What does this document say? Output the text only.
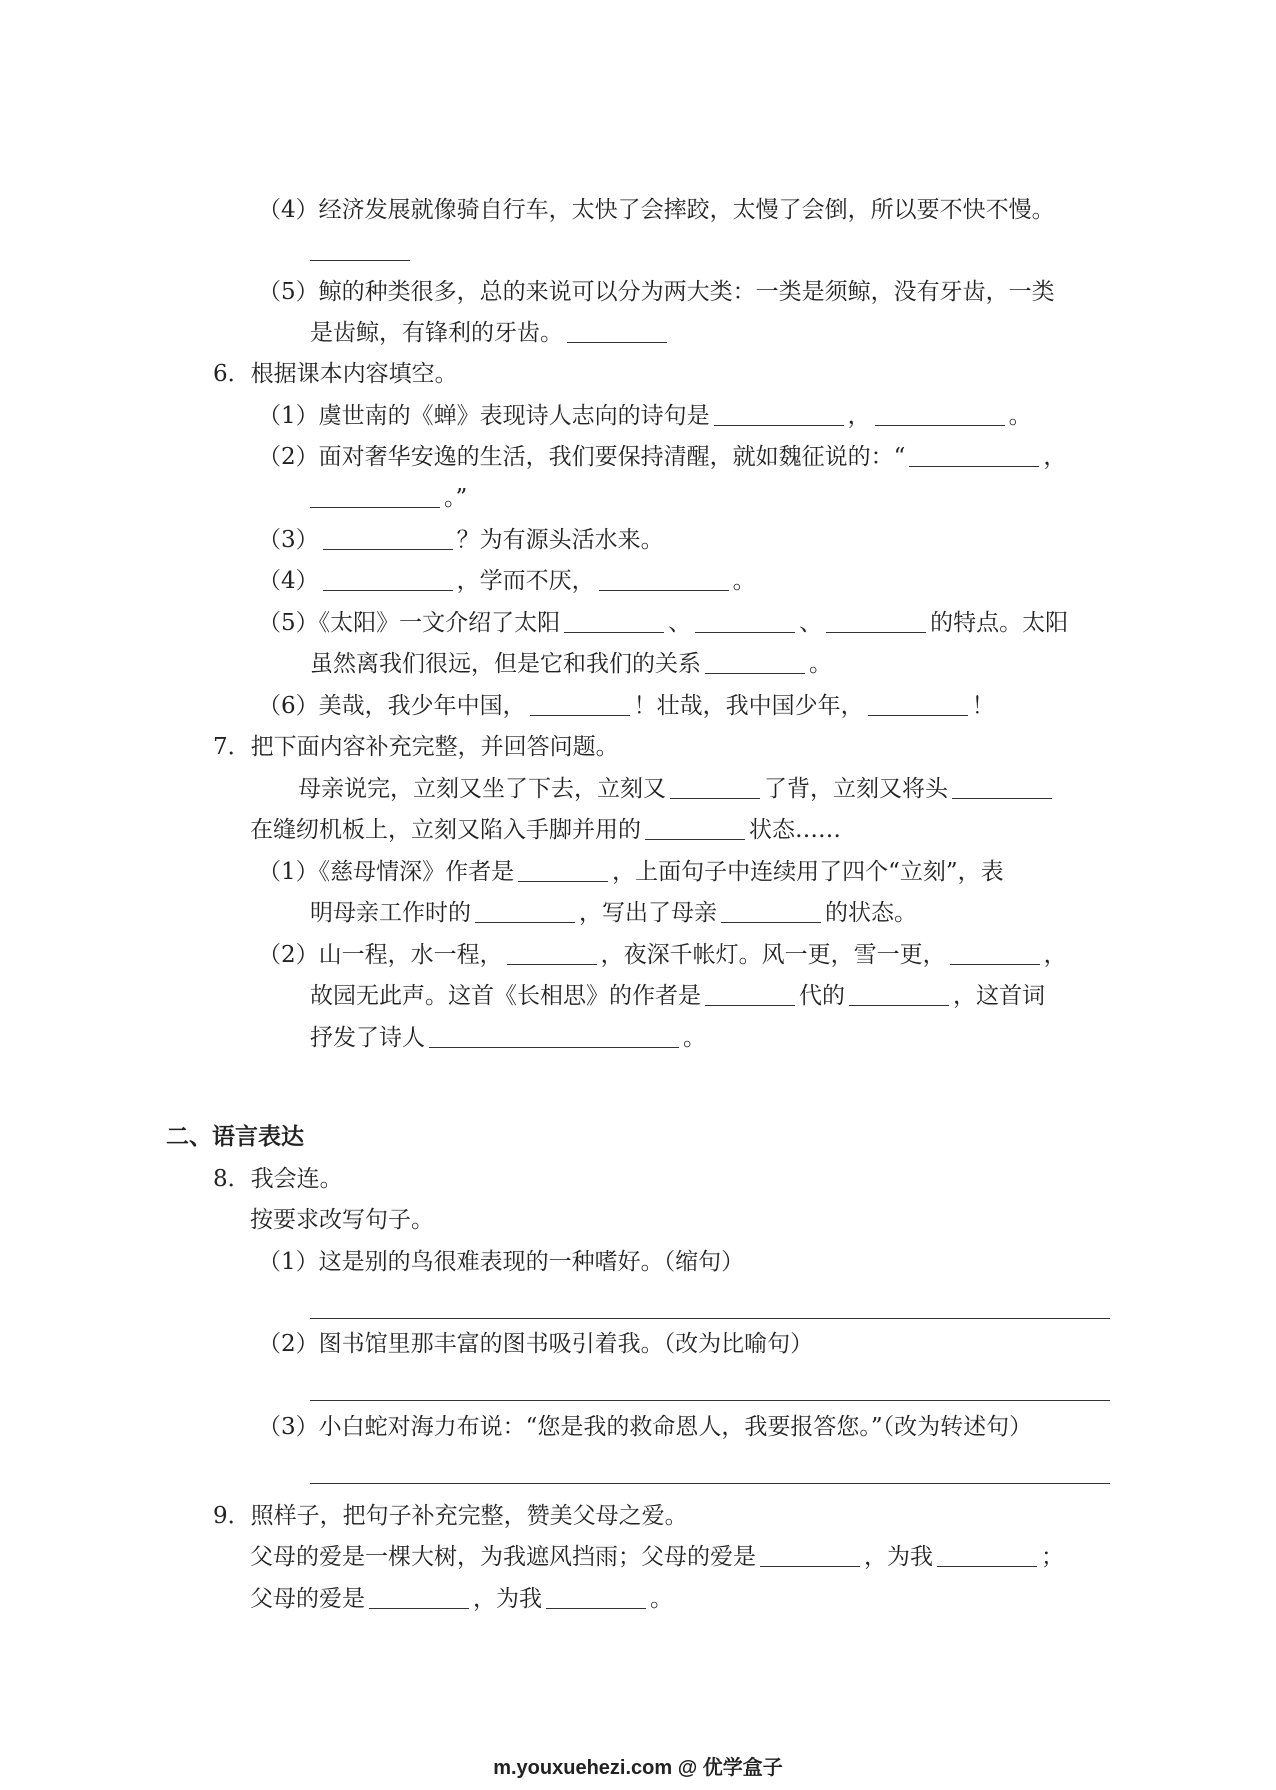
（4）经济发展就像骑自行车，太快了会摔跤，太慢了会倒，所以要不快不慢。
（5）鲸的种类很多，总的来说可以分为两大类：一类是须鲸，没有牙齿，一类
是齿鲸，有锋利的牙齿。
6．根据课本内容填空。
（1）虞世南的《蝉》表现诗人志向的诗句是	，	。
（2）面对奢华安逸的生活，我们要保持清醒，就如魏征说的：“	，
。”
（3）	？为有源头活水来。
（4）	，学而不厌，	。
（5）《太阳》一文介绍了太阳	、	、	的特点。太阳
虽然离我们很远，但是它和我们的关系	。
（6）美哉，我少年中国，	！壮哉，我中国少年，	！
7．把下面内容补充完整，并回答问题。
母亲说完，立刻又坐了下去，立刻又	了背，立刻又将头
在缝纫机板上，立刻又陷入手脚并用的	状态……
（1）《慈母情深》作者是	，上面句子中连续用了四个“立刻”，表
明母亲工作时的	，写出了母亲	的状态。
（2）山一程，水一程，	，夜深千帐灯。风一更，雪一更，	，
故园无此声。这首《长相思》的作者是	代的	，这首词
抒发了诗人	。
二、语言表达
8．我会连。
按要求改写句子。
（1）这是别的鸟很难表现的一种嗜好。（缩句）
（2）图书馆里那丰富的图书吸引着我。（改为比喻句）
（3）小白蛇对海力布说：“您是我的救命恩人，我要报答您。”（改为转述句）
9．照样子，把句子补充完整，赞美父母之爱。
父母的爱是一棵大树，为我遮风挡雨；父母的爱是	，为我	；
父母的爱是	，为我	。
m.youxuehezi.com @ 优学盒子
